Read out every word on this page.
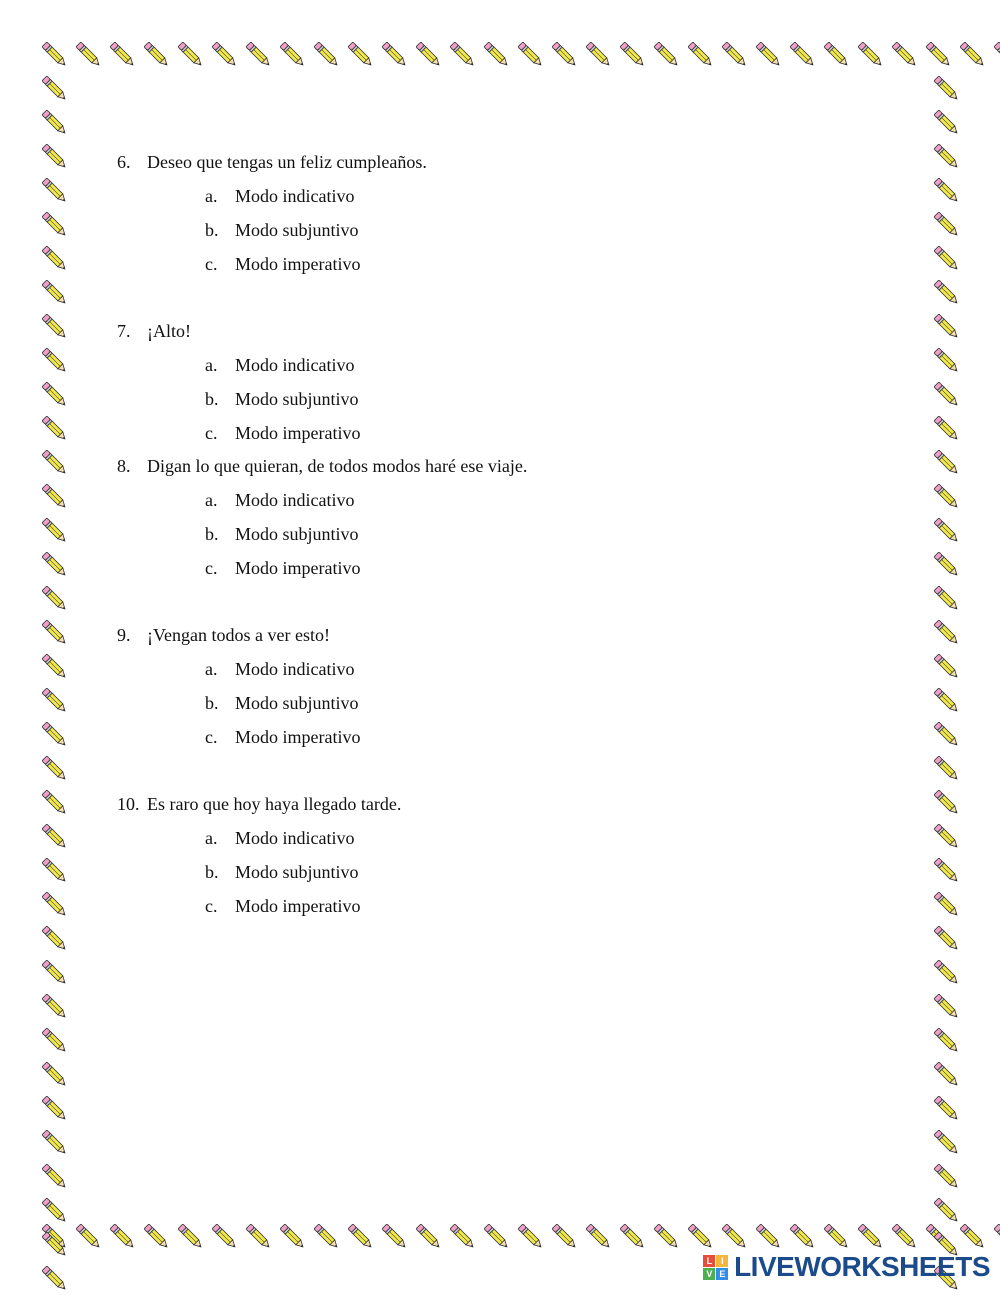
6. Deseo que tengas un feliz cumpleaños.
a. Modo indicativo
b. Modo subjuntivo
c. Modo imperativo
7. ¡Alto!
a. Modo indicativo
b. Modo subjuntivo
c. Modo imperativo
8. Digan lo que quieran, de todos modos haré ese viaje.
a. Modo indicativo
b. Modo subjuntivo
c. Modo imperativo
9. ¡Vengan todos a ver esto!
a. Modo indicativo
b. Modo subjuntivo
c. Modo imperativo
10. Es raro que hoy haya llegado tarde.
a. Modo indicativo
b. Modo subjuntivo
c. Modo imperativo
L	I
V E LIVEWORKSHEETS
